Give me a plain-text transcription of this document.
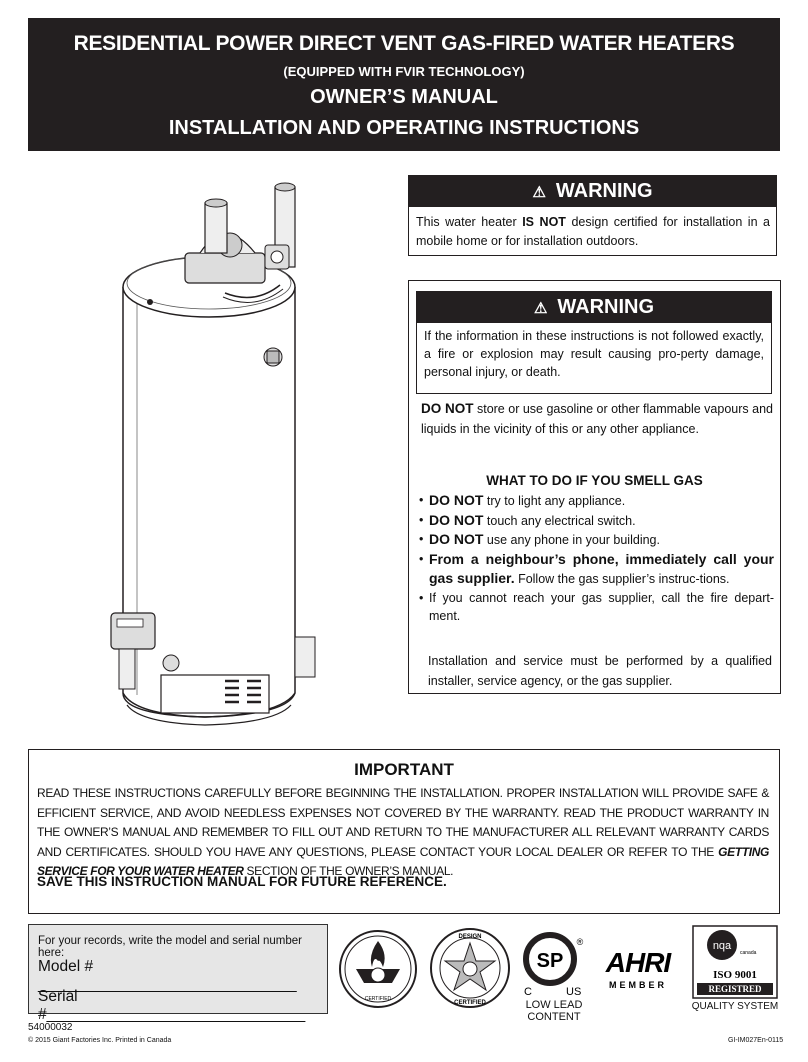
RESIDENTIAL POWER DIRECT VENT GAS-FIRED WATER HEATERS
(EQUIPPED WITH FVIR TECHNOLOGY)
OWNER’S MANUAL
INSTALLATION AND OPERATING INSTRUCTIONS
⚠ WARNING
This water heater IS NOT design certified for installation in a mobile home or for installation outdoors.
⚠ WARNING
If the information in these instructions is not followed exactly, a fire or explosion may result causing pro-perty damage, personal injury, or death.
DO NOT store or use gasoline or other flammable vapours and liquids in the vicinity of this or any other appliance.
WHAT TO DO IF YOU SMELL GAS
• DO NOT try to light any appliance.
• DO NOT touch any electrical switch.
• DO NOT use any phone in your building.
• From a neighbour’s phone, immediately call your gas supplier. Follow the gas supplier’s instruc-tions.
• If you cannot reach your gas supplier, call the fire depart-ment.
Installation and service must be performed by a qualified installer, service agency, or the gas supplier.
IMPORTANT
READ THESE INSTRUCTIONS CAREFULLY BEFORE BEGINNING THE INSTALLATION. PROPER INSTALLATION WILL PROVIDE SAFE & EFFICIENT SERVICE, AND AVOID NEEDLESS EXPENSES NOT COVERED BY THE WARRANTY. READ THE PRODUCT WARRANTY IN THE OWNER’S MANUAL AND REMEMBER TO FILL OUT AND RETURN TO THE MANUFACTURER ALL RELEVANT WARRANTY CARDS AND CERTIFICATES. SHOULD YOU HAVE ANY QUESTIONS, PLEASE CONTACT YOUR LOCAL DEALER OR REFER TO THE GETTING SERVICE FOR YOUR WATER HEATER SECTION OF THE OWNER’S MANUAL.
SAVE THIS INSTRUCTION MANUAL FOR FUTURE REFERENCE.
For your records, write the model and serial number here:
Model # ______________________________
Serial #______________________________
CERTIFIED
DESIGN
CERTIFIED
SP
®
C	US
LOW LEAD
CONTENT
AHRI
MEMBER
nqa
canada
ISO 9001
REGISTRED
QUALITY SYSTEM
54000032
© 2015 Giant Factories Inc. Printed in Canada	GI-IM027En-0115
